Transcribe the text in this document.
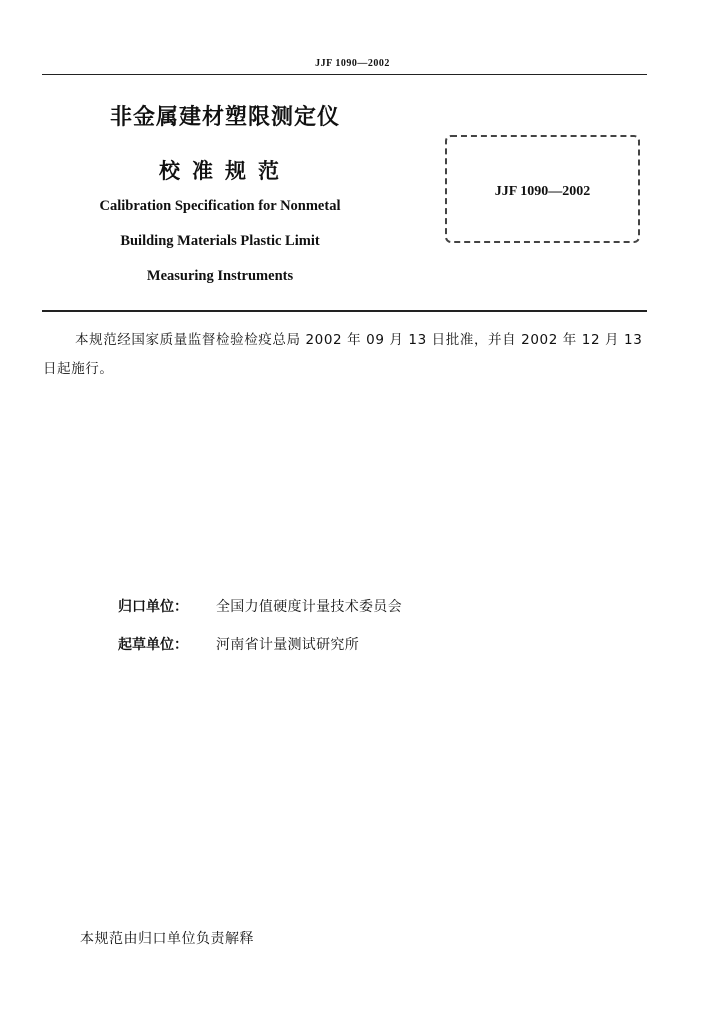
JJF 1090—2002
非金属建材塑限测定仪
校准规范
Calibration Specification for Nonmetal
Building Materials Plastic Limit
Measuring Instruments
JJF 1090—2002
本规范经国家质量监督检验检疫总局 2002 年 09 月 13 日批准，并自 2002 年 12 月 13 日起施行。
归口单位： 全国力值硬度计量技术委员会
起草单位： 河南省计量测试研究所
本规范由归口单位负责解释
